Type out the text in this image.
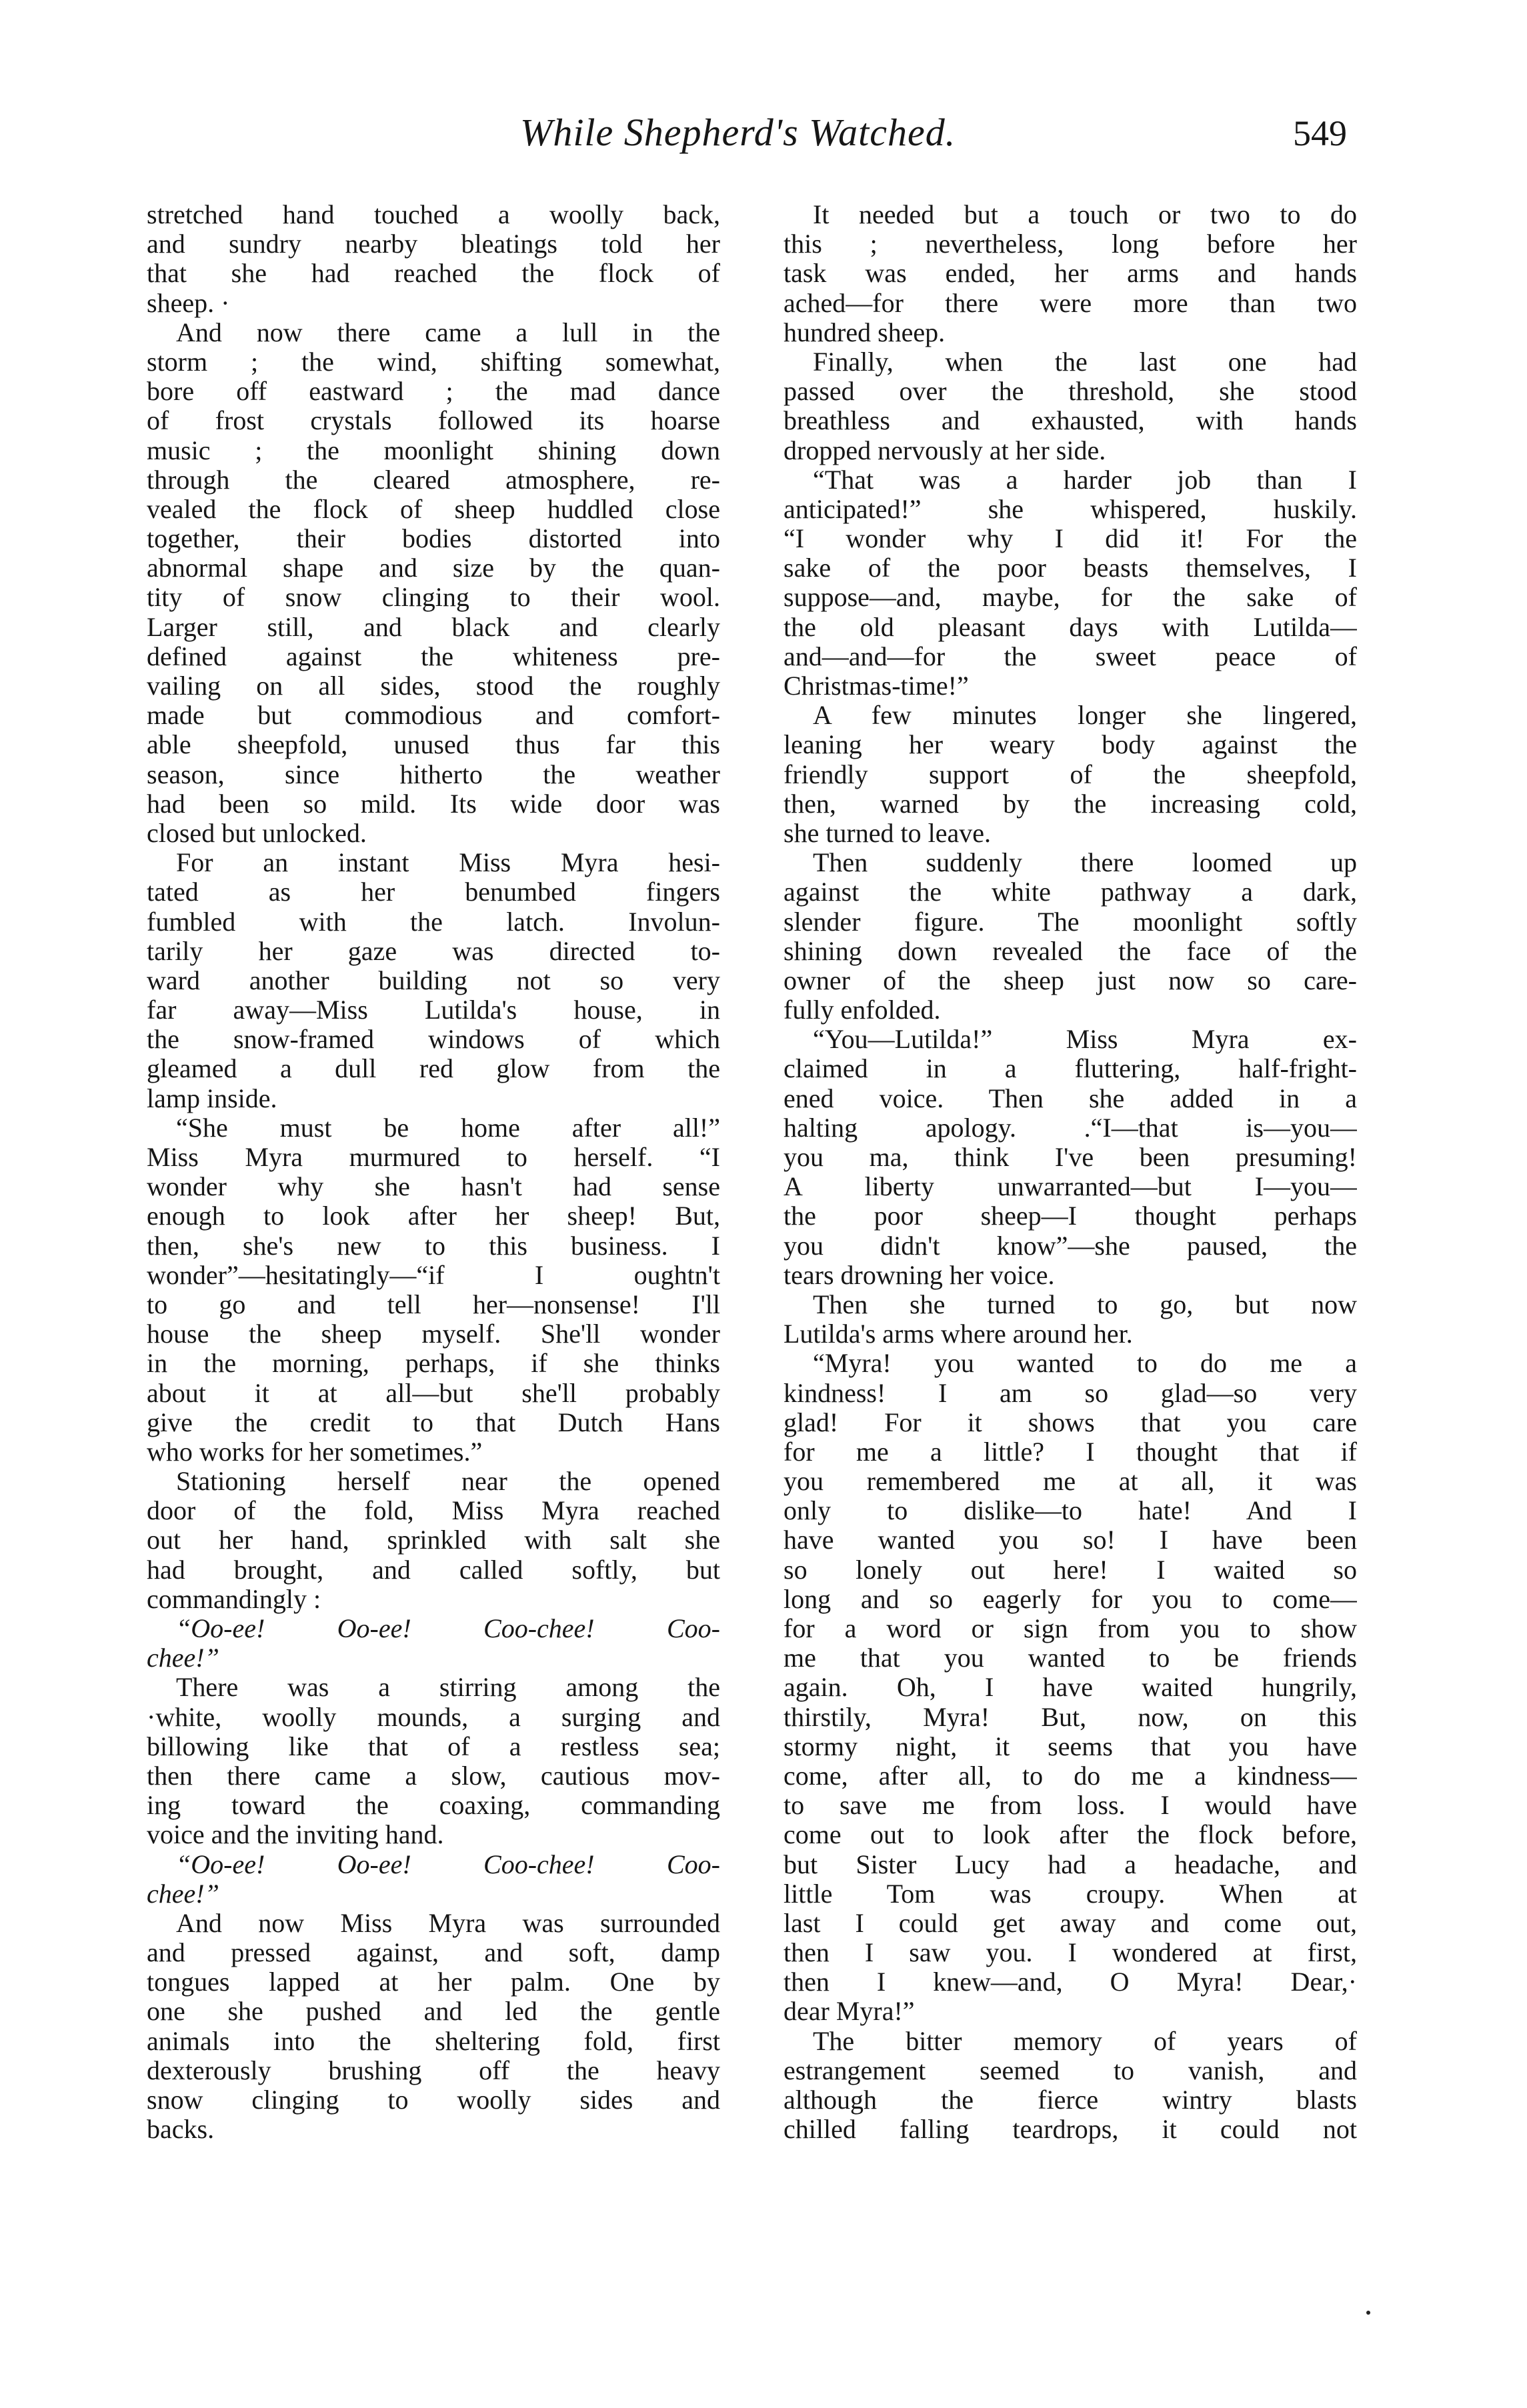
While Shepherd's Watched.	549
stretched hand touched a woolly back,
and sundry nearby bleatings told her
that she had reached the flock of
sheep. ·
And now there came a lull in the
storm ; the wind, shifting somewhat,
bore off eastward ; the mad dance
of frost crystals followed its hoarse
music ; the moonlight shining down
through the cleared atmosphere, re-
vealed the flock of sheep huddled close
together, their bodies distorted into
abnormal shape and size by the quan-
tity of snow clinging to their wool.
Larger still, and black and clearly
defined against the whiteness pre-
vailing on all sides, stood the roughly
made but commodious and comfort-
able sheepfold, unused thus far this
season, since hitherto the weather
had been so mild. Its wide door was
closed but unlocked.
For an instant Miss Myra hesi-
tated as her benumbed fingers
fumbled with the latch. Involun-
tarily her gaze was directed to-
ward another building not so very
far away—Miss Lutilda's house, in
the snow-framed windows of which
gleamed a dull red glow from the
lamp inside.
“She must be home after all!”
Miss Myra murmured to herself. “I
wonder why she hasn't had sense
enough to look after her sheep! But,
then, she's new to this business. I
wonder”—hesitatingly—“if I oughtn't
to go and tell her—nonsense! I'll
house the sheep myself. She'll wonder
in the morning, perhaps, if she thinks
about it at all—but she'll probably
give the credit to that Dutch Hans
who works for her sometimes.”
Stationing herself near the opened
door of the fold, Miss Myra reached
out her hand, sprinkled with salt she
had brought, and called softly, but
commandingly :
“Oo-ee! Oo-ee! Coo-chee! Coo-
chee!”
There was a stirring among the
·white, woolly mounds, a surging and
billowing like that of a restless sea;
then there came a slow, cautious mov-
ing toward the coaxing, commanding
voice and the inviting hand.
“Oo-ee! Oo-ee! Coo-chee! Coo-
chee!”
And now Miss Myra was surrounded
and pressed against, and soft, damp
tongues lapped at her palm. One by
one she pushed and led the gentle
animals into the sheltering fold, first
dexterously brushing off the heavy
snow clinging to woolly sides and
backs.
It needed but a touch or two to do
this ; nevertheless, long before her
task was ended, her arms and hands
ached—for there were more than two
hundred sheep.
Finally, when the last one had
passed over the threshold, she stood
breathless and exhausted, with hands
dropped nervously at her side.
“That was a harder job than I
anticipated!” she whispered, huskily.
“I wonder why I did it! For the
sake of the poor beasts themselves, I
suppose—and, maybe, for the sake of
the old pleasant days with Lutilda—
and—and—for the sweet peace of
Christmas-time!”
A few minutes longer she lingered,
leaning her weary body against the
friendly support of the sheepfold,
then, warned by the increasing cold,
she turned to leave.
Then suddenly there loomed up
against the white pathway a dark,
slender figure. The moonlight softly
shining down revealed the face of the
owner of the sheep just now so care-
fully enfolded.
“You—Lutilda!” Miss Myra ex-
claimed in a fluttering, half-fright-
ened voice. Then she added in a
halting apology. .“I—that is—you—
you ma, think I've been presuming!
A liberty unwarranted—but I—you—
the poor sheep—I thought perhaps
you didn't know”—she paused, the
tears drowning her voice.
Then she turned to go, but now
Lutilda's arms where around her.
“Myra! you wanted to do me a
kindness! I am so glad—so very
glad! For it shows that you care
for me a little? I thought that if
you remembered me at all, it was
only to dislike—to hate! And I
have wanted you so! I have been
so lonely out here! I waited so
long and so eagerly for you to come—
for a word or sign from you to show
me that you wanted to be friends
again. Oh, I have waited hungrily,
thirstily, Myra! But, now, on this
stormy night, it seems that you have
come, after all, to do me a kindness—
to save me from loss. I would have
come out to look after the flock before,
but Sister Lucy had a headache, and
little Tom was croupy. When at
last I could get away and come out,
then I saw you. I wondered at first,
then I knew—and, O Myra! Dear,·
dear Myra!”
The bitter memory of years of
estrangement seemed to vanish, and
although the fierce wintry blasts
chilled falling teardrops, it could not
